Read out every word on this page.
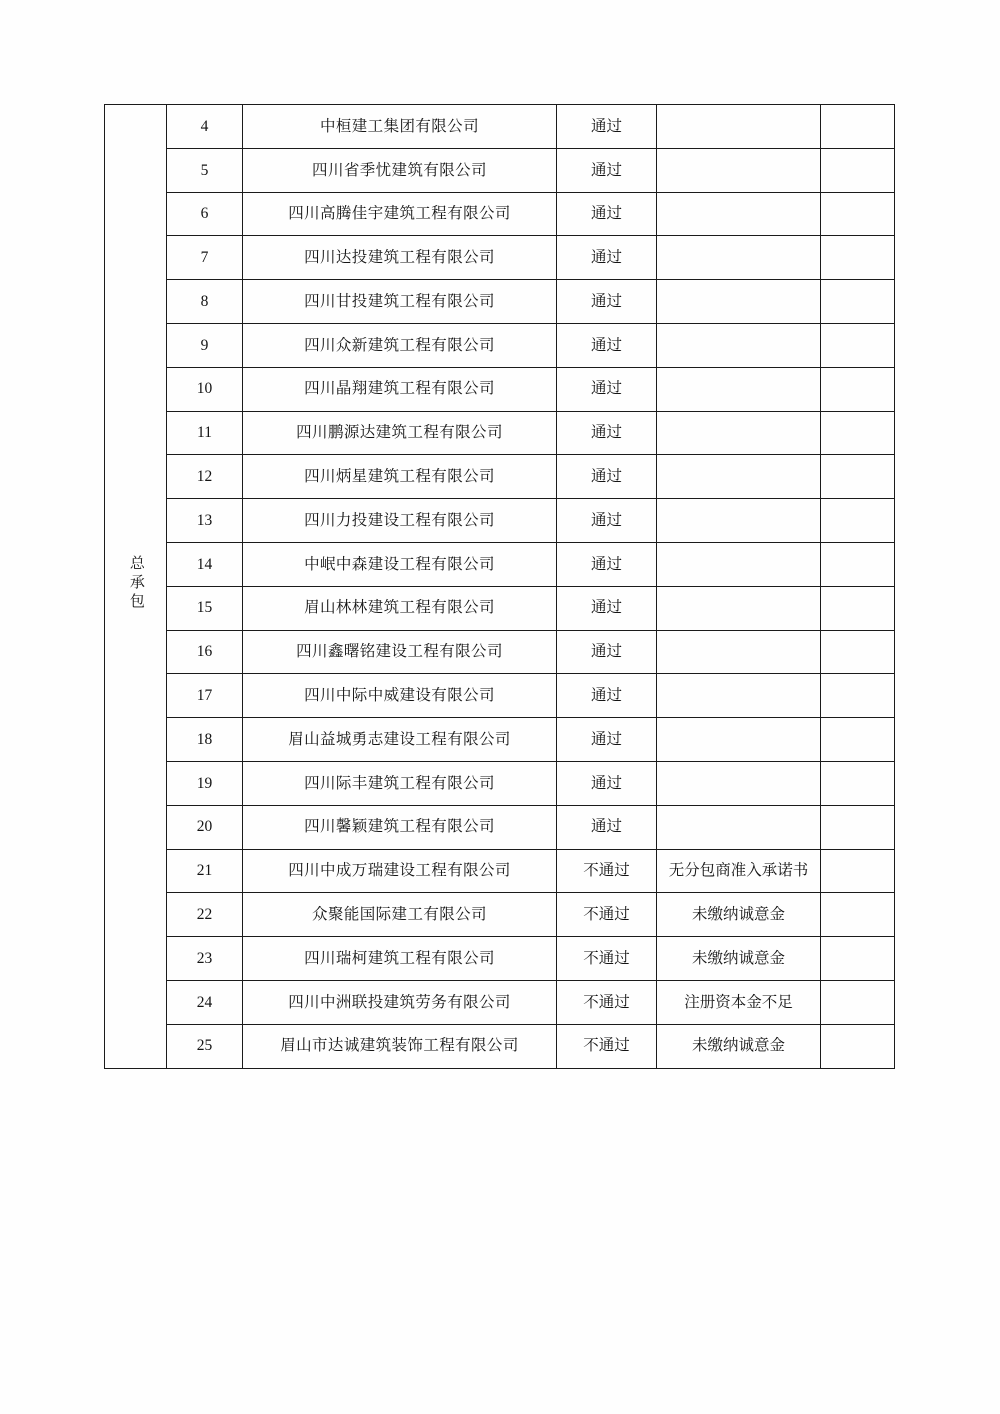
总承包	4	中桓建工集团有限公司	通过		
	5	四川省季忧建筑有限公司	通过		
	6	四川高腾佳宇建筑工程有限公司	通过		
	7	四川达投建筑工程有限公司	通过		
	8	四川甘投建筑工程有限公司	通过		
	9	四川众新建筑工程有限公司	通过		
	10	四川晶翔建筑工程有限公司	通过		
	11	四川鹏源达建筑工程有限公司	通过		
	12	四川炳星建筑工程有限公司	通过		
	13	四川力投建设工程有限公司	通过		
	14	中岷中森建设工程有限公司	通过		
	15	眉山林林建筑工程有限公司	通过		
	16	四川鑫曙铭建设工程有限公司	通过		
	17	四川中际中威建设有限公司	通过		
	18	眉山益城勇志建设工程有限公司	通过		
	19	四川际丰建筑工程有限公司	通过		
	20	四川馨颖建筑工程有限公司	通过		
	21	四川中成万瑞建设工程有限公司	不通过	无分包商准入承诺书	
	22	众聚能国际建工有限公司	不通过	未缴纳诚意金	
	23	四川瑞柯建筑工程有限公司	不通过	未缴纳诚意金	
	24	四川中洲联投建筑劳务有限公司	不通过	注册资本金不足	
	25	眉山市达诚建筑装饰工程有限公司	不通过	未缴纳诚意金	
